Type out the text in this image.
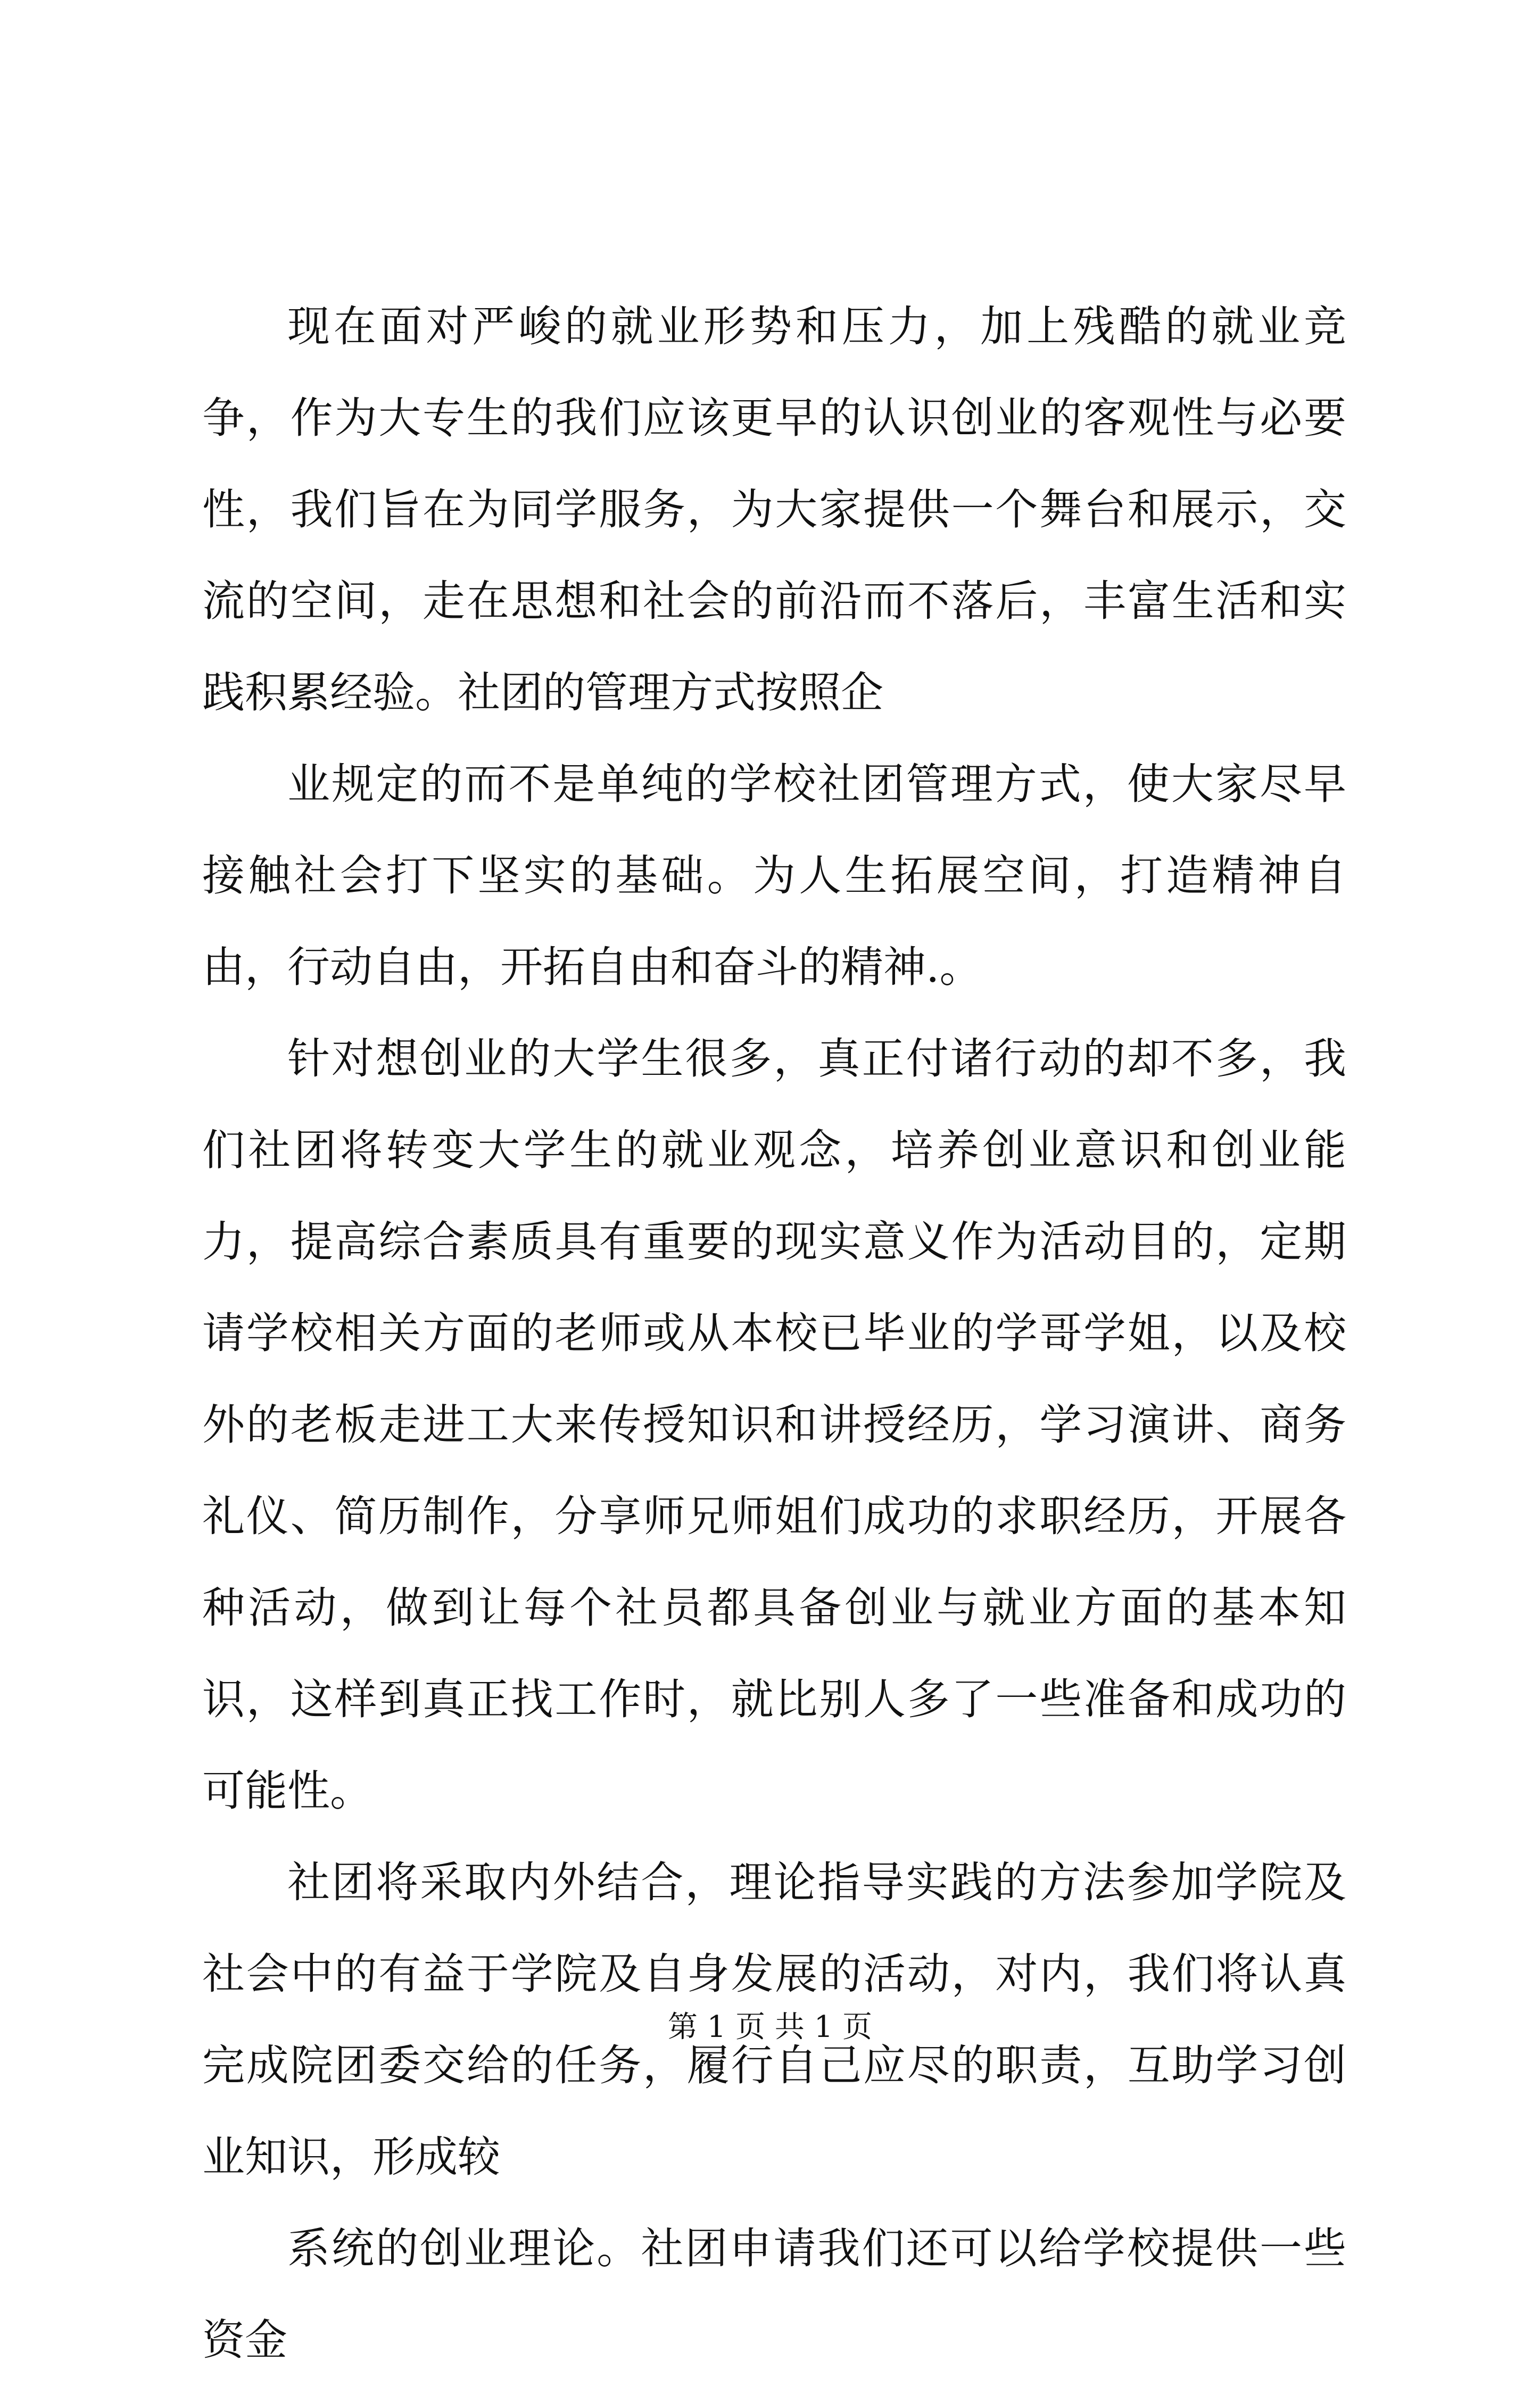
现在面对严峻的就业形势和压力，加上残酷的就业竞争，作为大专生的我们应该更早的认识创业的客观性与必要性，我们旨在为同学服务，为大家提供一个舞台和展示，交流的空间，走在思想和社会的前沿而不落后，丰富生活和实践积累经验。社团的管理方式按照企

业规定的而不是单纯的学校社团管理方式，使大家尽早接触社会打下坚实的基础。为人生拓展空间，打造精神自由，行动自由，开拓自由和奋斗的精神.。

针对想创业的大学生很多，真正付诸行动的却不多，我们社团将转变大学生的就业观念，培养创业意识和创业能力，提高综合素质具有重要的现实意义作为活动目的，定期请学校相关方面的老师或从本校已毕业的学哥学姐，以及校外的老板走进工大来传授知识和讲授经历，学习演讲、商务礼仪、简历制作，分享师兄师姐们成功的求职经历，开展各种活动，做到让每个社员都具备创业与就业方面的基本知识，这样到真正找工作时，就比别人多了一些准备和成功的可能性。

社团将采取内外结合，理论指导实践的方法参加学院及社会中的有益于学院及自身发展的活动，对内，我们将认真完成院团委交给的任务，履行自己应尽的职责，互助学习创业知识，形成较

系统的创业理论。社团申请我们还可以给学校提供一些资金

第 1 页 共 1 页
